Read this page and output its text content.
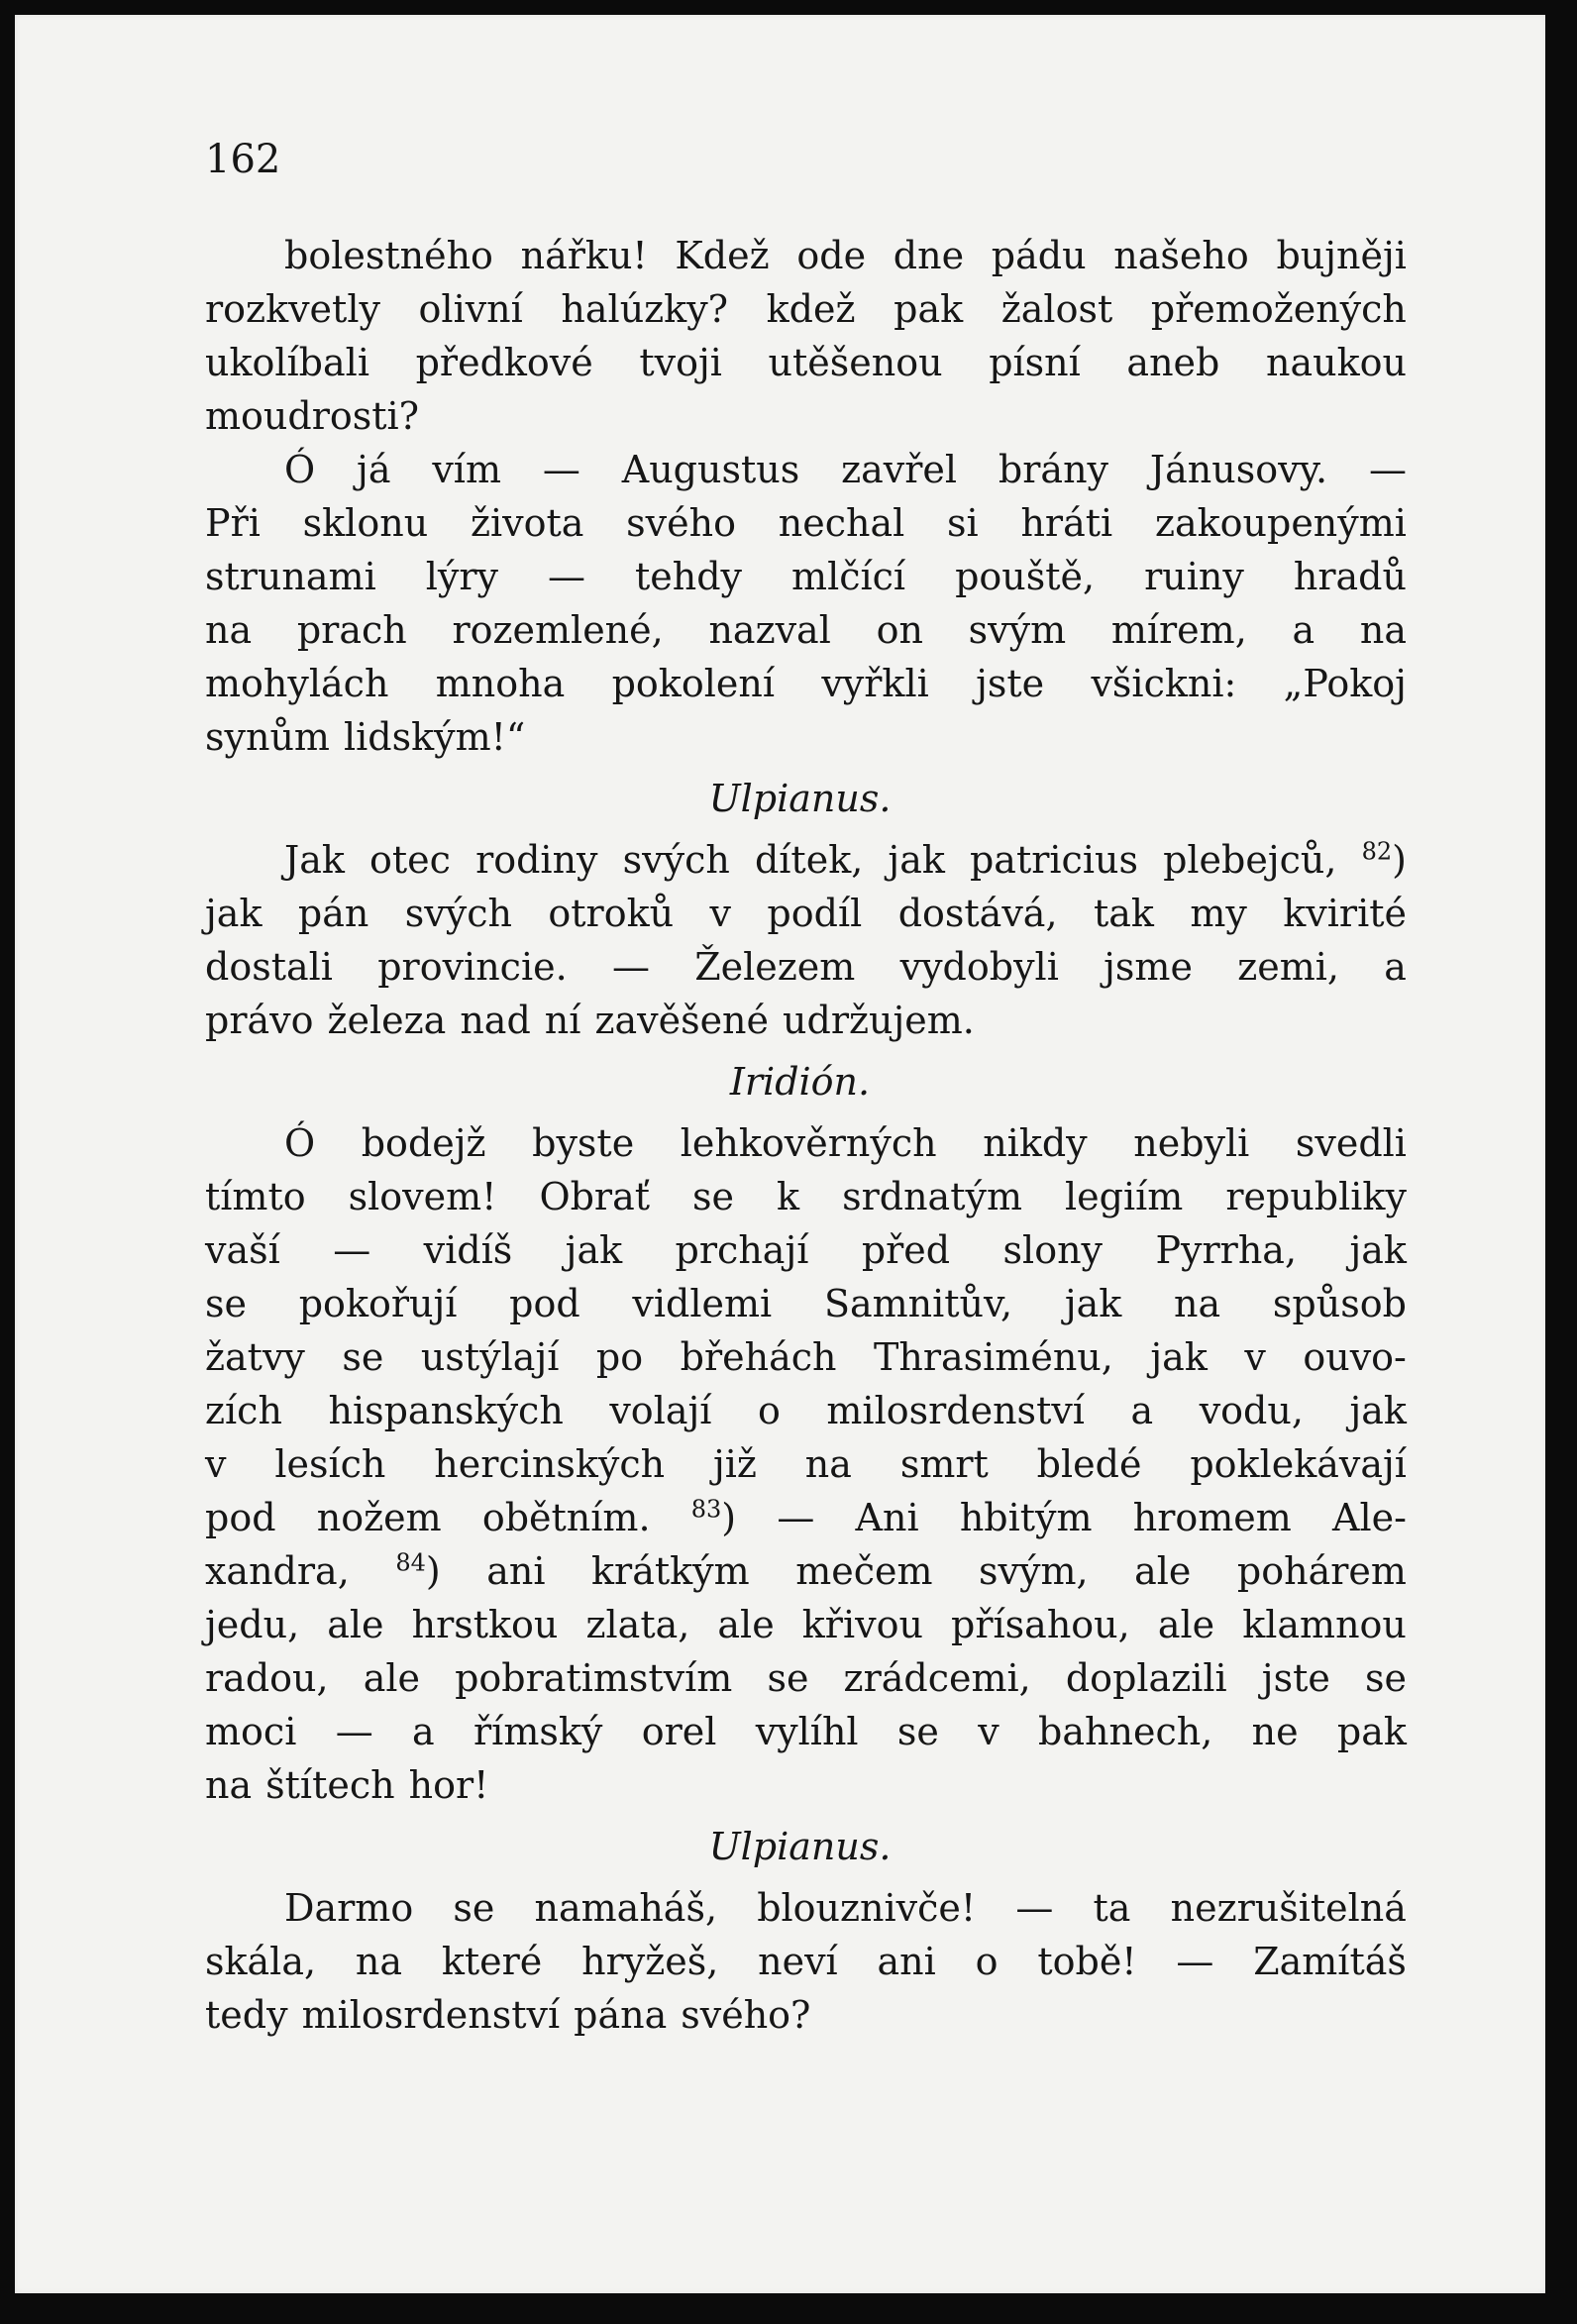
162
bolestného nářku! Kdež ode dne pádu našeho bujněji
rozkvetly olivní halúzky? kdež pak žalost přemožených
ukolíbali předkové tvoji utěšenou písní aneb naukou
moudrosti?
Ó já vím — Augustus zavřel brány Jánusovy. —
Při sklonu života svého nechal si hráti zakoupenými
strunami lýry — tehdy mlčící pouště, ruiny hradů
na prach rozemlené, nazval on svým mírem, a na
mohylách mnoha pokolení vyřkli jste všickni: „Pokoj
synům lidským!“
Ulpianus.
Jak otec rodiny svých dítek, jak patricius plebejců, $^{82}$)
jak pán svých otroků v podíl dostává, tak my kvirité
dostali provincie. — Železem vydobyli jsme zemi, a
právo železa nad ní zavěšené udržujem.
Iridión.
Ó bodejž byste lehkověrných nikdy nebyli svedli
tímto slovem! Obrať se k srdnatým legiím republiky
vaší — vidíš jak prchají před slony Pyrrha, jak
se pokořují pod vidlemi Samnitův, jak na spůsob
žatvy se ustýlají po břehách Thrasiménu, jak v ouvo-
zích hispanských volají o milosrdenství a vodu, jak
v lesích hercinských již na smrt bledé poklekávají
pod nožem obětním. $^{83}$) — Ani hbitým hromem Ale-
xandra, $^{84}$) ani krátkým mečem svým, ale pohárem
jedu, ale hrstkou zlata, ale křivou přísahou, ale klamnou
radou, ale pobratimstvím se zrádcemi, doplazili jste se
moci — a římský orel vylíhl se v bahnech, ne pak
na štítech hor!
Ulpianus.
Darmo se namaháš, blouznivče! — ta nezrušitelná
skála, na které hryžeš, neví ani o tobě! — Zamítáš
tedy milosrdenství pána svého?
